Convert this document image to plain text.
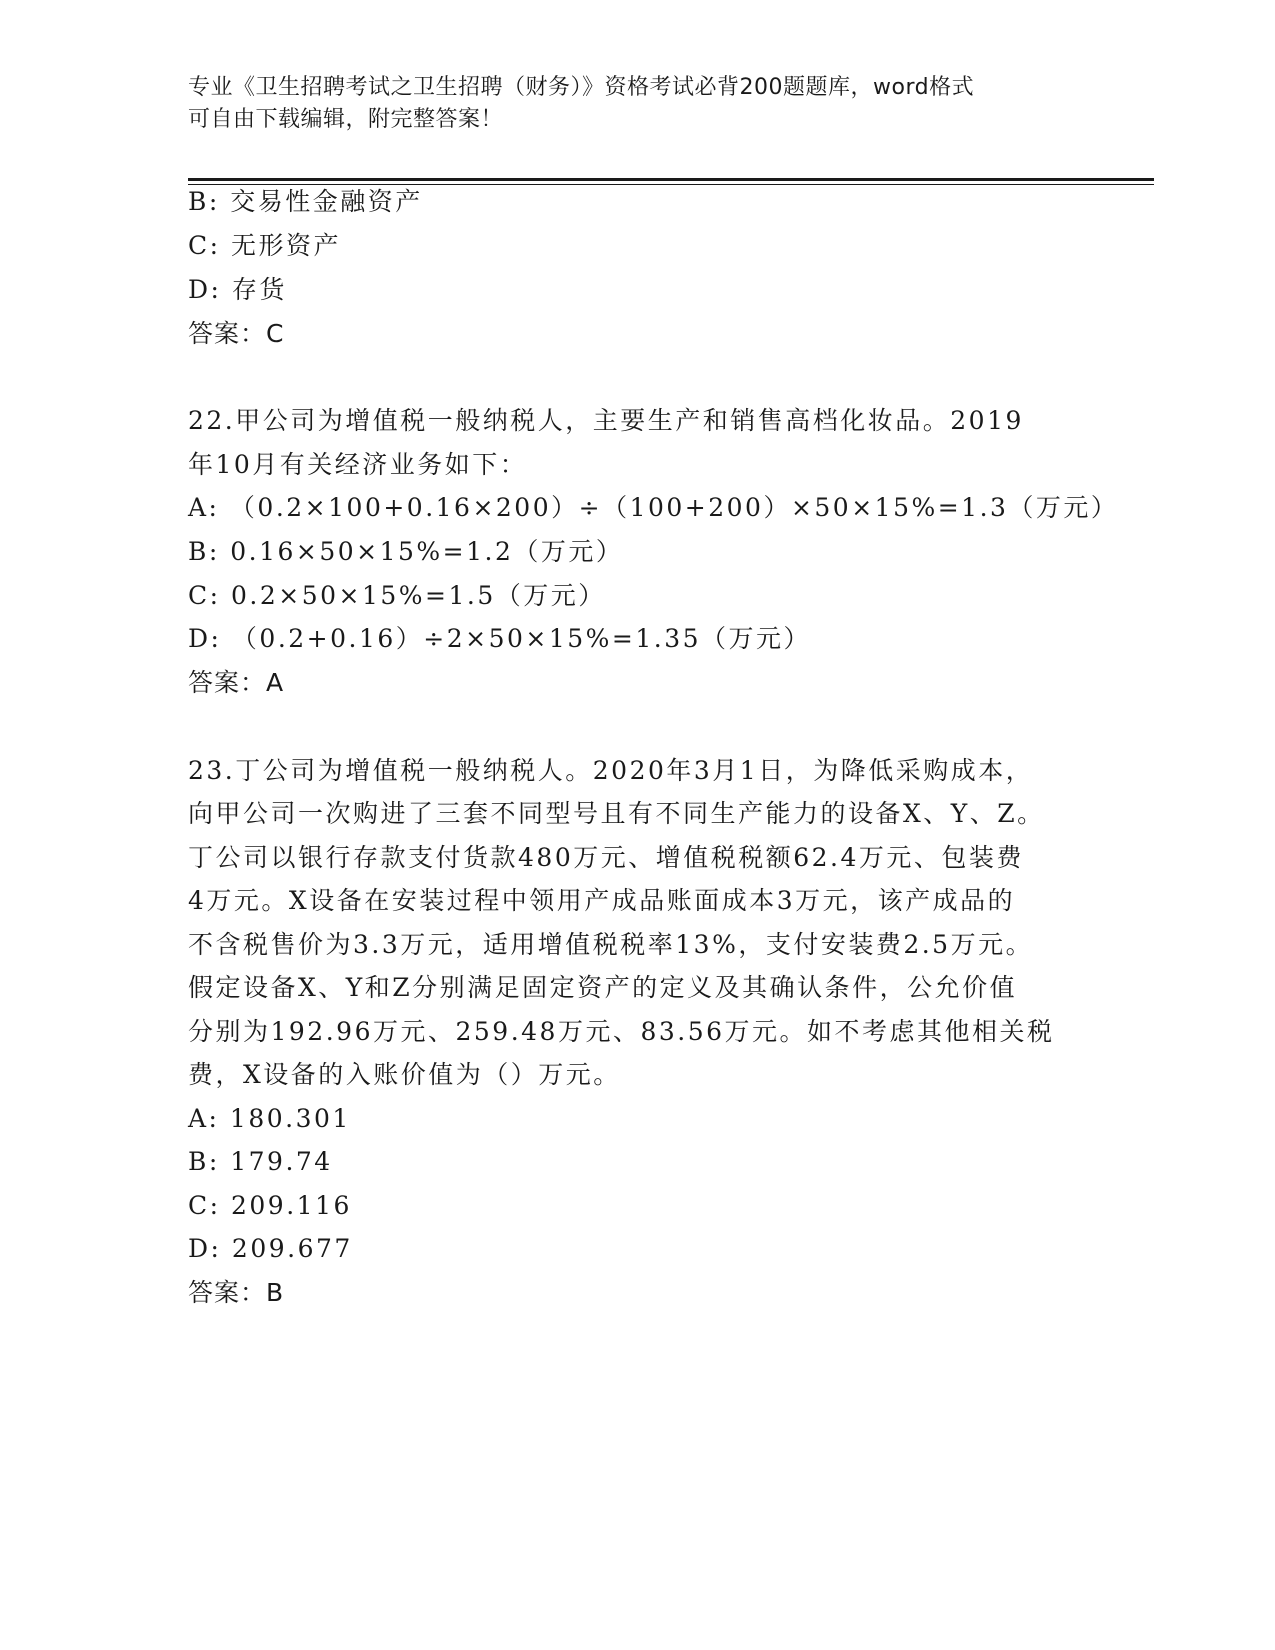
专业《卫生招聘考试之卫生招聘（财务）》资格考试必背200题题库，word格式
可自由下载编辑，附完整答案！
B: 交易性金融资产
C: 无形资产
D: 存货
答案：C
22.甲公司为增值税一般纳税人，主要生产和销售高档化妆品。2019
年10月有关经济业务如下：
A: （0.2×100+0.16×200）÷（100+200）×50×15%=1.3（万元）
B: 0.16×50×15%=1.2（万元）
C: 0.2×50×15%=1.5（万元）
D: （0.2+0.16）÷2×50×15%=1.35（万元）
答案：A
23.丁公司为增值税一般纳税人。2020年3月1日，为降低采购成本，
向甲公司一次购进了三套不同型号且有不同生产能力的设备X、Y、Z。
丁公司以银行存款支付货款480万元、增值税税额62.4万元、包装费
4万元。X设备在安装过程中领用产成品账面成本3万元，该产成品的
不含税售价为3.3万元，适用增值税税率13%，支付安装费2.5万元。
假定设备X、Y和Z分别满足固定资产的定义及其确认条件，公允价值
分别为192.96万元、259.48万元、83.56万元。如不考虑其他相关税
费，X设备的入账价值为（）万元。
A: 180.301
B: 179.74
C: 209.116
D: 209.677
答案：B
